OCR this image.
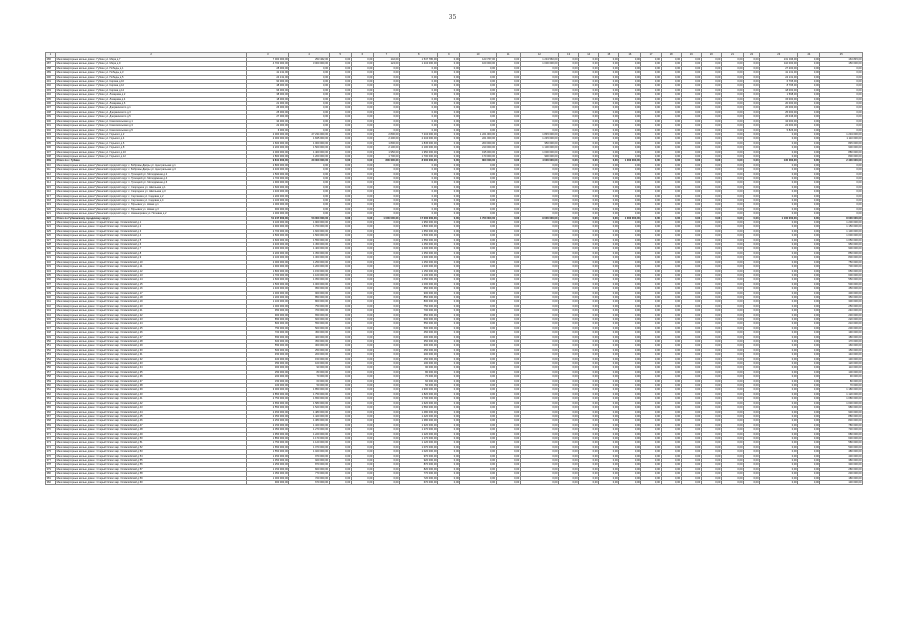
35
1	2	3	4	5	6	7	8	9	10	11	12	13	14	15	16	17	18	19	20	21	22	23	24	25
286	Многоквартирные жилые дома г. Губкин ул. Мира д.7	7 000 000,00	253 462,00	0,00	0,00	142,00	1 547 780,00	0,00	123 767,00	0,00	1 234 560,00	0,00	0,00	0,00	0,00	0,00	0,00	0,00	0,00	0,00	0,00	131 046,00	0,00	163 845,00
287	Многоквартирные жилые дома г. Губкин ул. Мира д.9	4 700 000,00	3 000 000,00	0,00	0,00	124,00	1 234 000,00	0,00	100 000,00	0,00	1 000 000,00	0,00	0,00	0,00	0,00	0,00	0,00	0,00	0,00	0,00	0,00	110 000,00	0,00	150 000,00
288	Многоквартирные жилые дома г. Губкин ул. Победы д.1	28 000,00	0,00	0,00	0,00	0,00	0,00	0,00	0,00	0,00	0,00	0,00	0,00	0,00	0,00	0,00	0,00	0,00	0,00	0,00	0,00	27 200,00	0,00	0,00
289	Многоквартирные жилые дома г. Губкин ул. Победы д.3	41 131,00	0,00	0,00	0,00	0,00	0,00	0,00	0,00	0,00	0,00	0,00	0,00	0,00	0,00	0,00	0,00	0,00	0,00	0,00	0,00	41 131,00	0,00	0,00
290	Многоквартирные жилые дома г. Губкин ул. Победы д.5	24 131,00	0,00	0,00	0,00	0,00	0,00	0,00	0,00	0,00	0,00	0,00	0,00	0,00	0,00	0,00	0,00	0,00	0,00	0,00	0,00	24 131,00	0,00	0,00
291	Многоквартирные жилые дома г. Губкин ул. Кирова д.10	90 000,00	0,00	0,00	0,00	0,00	0,00	0,00	0,00	0,00	0,00	0,00	0,00	0,00	0,00	0,00	0,00	0,00	0,00	0,00	0,00	6 795,00	0,00	0,00
292	Многоквартирные жилые дома г. Губкин ул. Кирова д.12	48 000,00	0,00	0,00	0,00	0,00	0,00	0,00	0,00	0,00	0,00	0,00	0,00	0,00	0,00	0,00	0,00	0,00	0,00	0,00	0,00	8 795,00	0,00	0,00
293	Многоквартирные жилые дома г. Губкин ул. Кирова д.14	96 000,00	0,00	0,00	0,00	0,00	0,00	0,00	0,00	0,00	0,00	0,00	0,00	0,00	0,00	0,00	0,00	0,00	0,00	0,00	0,00	18 000,00	0,00	0,00
294	Многоквартирные жилые дома г. Губкин ул. Лазарева д.2	38 000,00	0,00	0,00	0,00	0,00	0,00	0,00	0,00	0,00	0,00	0,00	0,00	0,00	0,00	0,00	0,00	0,00	0,00	0,00	0,00	1 598,00	0,00	0,00
295	Многоквартирные жилые дома г. Губкин ул. Лазарева д.4	18 000,00	0,00	0,00	0,00	0,00	0,00	0,00	0,00	0,00	0,00	0,00	0,00	0,00	0,00	0,00	0,00	0,00	0,00	0,00	0,00	15 000,00	0,00	0,00
296	Многоквартирные жилые дома г. Губкин ул. Лазарева д.6	21 000,00	0,00	0,00	0,00	0,00	0,00	0,00	0,00	0,00	0,00	0,00	0,00	0,00	0,00	0,00	0,00	0,00	0,00	0,00	0,00	20 000,00	0,00	0,00
297	Многоквартирные жилые дома г. Губкин ул. Дзержинского д.1	26 000,00	0,00	0,00	0,00	0,00	0,00	0,00	0,00	0,00	0,00	0,00	0,00	0,00	0,00	0,00	0,00	0,00	0,00	0,00	0,00	26 000,00	0,00	0,00
298	Многоквартирные жилые дома г. Губкин ул. Дзержинского д.3	25 000,00	0,00	0,00	0,00	0,00	0,00	0,00	0,00	0,00	0,00	0,00	0,00	0,00	0,00	0,00	0,00	0,00	0,00	0,00	0,00	25 000,00	0,00	0,00
299	Многоквартирные жилые дома г. Губкин ул. Дзержинского д.5	27 000,00	0,00	0,00	0,00	0,00	0,00	0,00	0,00	0,00	0,00	0,00	0,00	0,00	0,00	0,00	0,00	0,00	0,00	0,00	0,00	26 046,00	0,00	0,00
300	Многоквартирные жилые дома г. Губкин ул. Комсомольская д.1	34 000,00	0,00	0,00	0,00	0,00	0,00	0,00	0,00	0,00	0,00	0,00	0,00	0,00	0,00	0,00	0,00	0,00	0,00	0,00	0,00	34 000,00	0,00	0,00
301	Многоквартирные жилые дома г. Губкин ул. Комсомольская д.3	22 000,00	0,00	0,00	0,00	0,00	0,00	0,00	0,00	0,00	0,00	0,00	0,00	0,00	0,00	0,00	0,00	0,00	0,00	0,00	0,00	22 000,00	0,00	0,00
302	Многоквартирные жилые дома г. Губкин ул. Комсомольская д.5	6 000,00	0,00	0,00	0,00	0,00	0,00	0,00	0,00	0,00	0,00	0,00	0,00	0,00	0,00	0,00	0,00	0,00	0,00	0,00	0,00	5 826,00	0,00	0,00
303	Многоквартирные жилые дома г. Губкин ул. Горького д.2	2 000 000,00	27 234 000,00	0,00	0,00	2 800,00	7 234 000,00	0,00	1 221 000,00	0,00	1 845 000,00	0,00	0,00	0,00	0,00	0,00	0,00	0,00	0,00	0,00	0,00	0,00	0,00	1 234 000,00
304	Многоквартирные жилые дома г. Губкин ул. Горького д.4	2 000 000,00	1 845 000,00	0,00	0,00	2 400,00	2 234 000,00	0,00	221 000,00	0,00	1 245 000,00	0,00	0,00	0,00	0,00	0,00	0,00	0,00	0,00	0,00	0,00	0,00	0,00	1 110 000,00
305	Многоквартирные жилые дома г. Губкин ул. Горького д.6	1 600 000,00	1 000 000,00	0,00	0,00	1 800,00	1 845 000,00	0,00	200 000,00	0,00	950 000,00	0,00	0,00	0,00	0,00	0,00	0,00	0,00	0,00	0,00	0,00	0,00	0,00	845 000,00
306	Многоквартирные жилые дома г. Губкин ул. Горького д.8	2 200 000,00	1 500 000,00	0,00	0,00	2 100,00	2 100 000,00	0,00	210 000,00	0,00	1 100 000,00	0,00	0,00	0,00	0,00	0,00	0,00	0,00	0,00	0,00	0,00	0,00	0,00	900 000,00
307	Многоквартирные жилые дома г. Губкин ул. Горького д.10	2 000 000,00	1 400 000,00	0,00	0,00	1 950,00	1 950 000,00	0,00	195 000,00	0,00	1 000 000,00	0,00	0,00	0,00	0,00	0,00	0,00	0,00	0,00	0,00	0,00	0,00	0,00	880 000,00
308	Многоквартирные жилые дома г. Губкин ул. Горького д.12	1 800 000,00	1 200 000,00	0,00	0,00	1 700,00	1 700 000,00	0,00	170 000,00	0,00	900 000,00	0,00	0,00	0,00	0,00	0,00	0,00	0,00	0,00	0,00	0,00	0,00	0,00	800 000,00
309	Итого по г. Губкин	9 841 000,00	20 000 000,00	0,00	0,00	800 000,00	8 000 000,00	0,00	800 000,00	0,00	4 000 000,00	0,00	0,00	0,00	1 000 000,00	0,00	0,00	0,00	0,00	0,00	0,00	130 000,00	0,00	2 400 000,00
310	Многоквартирные жилые дома Губкинский городской округ с. Бобровы Дворы ул. Центральная д.1	2 800 000,00	0,00	0,00	0,00	0,00	0,00	0,00	0,00	0,00	0,00	0,00	0,00	0,00	0,00	0,00	0,00	0,00	0,00	0,00	0,00	0,00	0,00	0,00
311	Многоквартирные жилые дома Губкинский городской округ с. Бобровы Дворы ул. Центральная д.3	2 400 000,00	0,00	0,00	0,00	0,00	0,00	0,00	0,00	0,00	0,00	0,00	0,00	0,00	0,00	0,00	0,00	0,00	0,00	0,00	0,00	0,00	0,00	0,00
312	Многоквартирные жилые дома Губкинский городской округ п. Троицкий ул. Молодёжная д.2	1 500 000,00	0,00	0,00	0,00	0,00	0,00	0,00	0,00	0,00	0,00	0,00	0,00	0,00	0,00	0,00	0,00	0,00	0,00	0,00	0,00	0,00	0,00	0,00
313	Многоквартирные жилые дома Губкинский городской округ п. Троицкий ул. Молодёжная д.4	1 700 000,00	0,00	0,00	0,00	0,00	0,00	0,00	0,00	0,00	0,00	0,00	0,00	0,00	0,00	0,00	0,00	0,00	0,00	0,00	0,00	0,00	0,00	0,00
314	Многоквартирные жилые дома Губкинский городской округ п. Троицкий ул. Молодёжная д.6	1 900 000,00	0,00	0,00	0,00	0,00	0,00	0,00	0,00	0,00	0,00	0,00	0,00	0,00	0,00	0,00	0,00	0,00	0,00	0,00	0,00	0,00	0,00	0,00
315	Многоквартирные жилые дома Губкинский городской округ с. Скородное ул. Школьная д.1	1 600 000,00	0,00	0,00	0,00	0,00	0,00	0,00	0,00	0,00	0,00	0,00	0,00	0,00	0,00	0,00	0,00	0,00	0,00	0,00	0,00	0,00	0,00	0,00
316	Многоквартирные жилые дома Губкинский городской округ с. Скородное ул. Школьная д.3	1 400 000,00	0,00	0,00	0,00	0,00	0,00	0,00	0,00	0,00	0,00	0,00	0,00	0,00	0,00	0,00	0,00	0,00	0,00	0,00	0,00	0,00	0,00	0,00
317	Многоквартирные жилые дома Губкинский городской округ с. Сергиевка ул. Садовая д.2	1 200 000,00	0,00	0,00	0,00	0,00	0,00	0,00	0,00	0,00	0,00	0,00	0,00	0,00	0,00	0,00	0,00	0,00	0,00	0,00	0,00	0,00	0,00	0,00
318	Многоквартирные жилые дома Губкинский городской округ с. Сергиевка ул. Садовая д.4	1 100 000,00	0,00	0,00	0,00	0,00	0,00	0,00	0,00	0,00	0,00	0,00	0,00	0,00	0,00	0,00	0,00	0,00	0,00	0,00	0,00	0,00	0,00	0,00
319	Многоквартирные жилые дома Губкинский городской округ с. Юрьевка ул. Новая д.1	1 000 000,00	0,00	0,00	0,00	0,00	0,00	0,00	0,00	0,00	0,00	0,00	0,00	0,00	0,00	0,00	0,00	0,00	0,00	0,00	0,00	0,00	0,00	0,00
320	Многоквартирные жилые дома Губкинский городской округ с. Юрьевка ул. Новая д.3	900 000,00	0,00	0,00	0,00	0,00	0,00	0,00	0,00	0,00	0,00	0,00	0,00	0,00	0,00	0,00	0,00	0,00	0,00	0,00	0,00	0,00	0,00	0,00
321	Многоквартирные жилые дома Губкинский городской округ с. Никаноровка ул. Полевая д.2	1 300 000,00	0,00	0,00	0,00	0,00	0,00	0,00	0,00	0,00	0,00	0,00	0,00	0,00	0,00	0,00	0,00	0,00	0,00	0,00	0,00	0,00	0,00	0,00
322	Итого по Губкинскому городскому округу	51 247 000,00	53 000 000,00	0,00	0,00	1 000 000,00	17 000 000,00	0,00	1 700 000,00	0,00	9 000 000,00	0,00	0,00	0,00	1 000 000,00	0,00	0,00	0,00	0,00	0,00	0,00	1 100 000,00	0,00	8 000 000,00
323	Многоквартирные жилые дома г. Старый Оскол мкр. Олимпийский д.1	3 100 000,00	1 900 000,00	0,00	0,00	0,00	1 950 000,00	0,00	0,00	0,00	0,00	0,00	0,00	0,00	0,00	0,00	0,00	0,00	0,00	0,00	0,00	0,00	0,00	1 200 000,00
324	Многоквартирные жилые дома г. Старый Оскол мкр. Олимпийский д.2	2 900 000,00	1 700 000,00	0,00	0,00	0,00	1 800 000,00	0,00	0,00	0,00	0,00	0,00	0,00	0,00	0,00	0,00	0,00	0,00	0,00	0,00	0,00	0,00	0,00	1 150 000,00
325	Многоквартирные жилые дома г. Старый Оскол мкр. Олимпийский д.3	2 700 000,00	1 600 000,00	0,00	0,00	0,00	1 650 000,00	0,00	0,00	0,00	0,00	0,00	0,00	0,00	0,00	0,00	0,00	0,00	0,00	0,00	0,00	0,00	0,00	1 100 000,00
326	Многоквартирные жилые дома г. Старый Оскол мкр. Олимпийский д.4	2 500 000,00	1 500 000,00	0,00	0,00	0,00	1 500 000,00	0,00	0,00	0,00	0,00	0,00	0,00	0,00	0,00	0,00	0,00	0,00	0,00	0,00	0,00	0,00	0,00	1 000 000,00
327	Многоквартирные жилые дома г. Старый Оскол мкр. Олимпийский д.5	2 600 000,00	1 550 000,00	0,00	0,00	0,00	1 550 000,00	0,00	0,00	0,00	0,00	0,00	0,00	0,00	0,00	0,00	0,00	0,00	0,00	0,00	0,00	0,00	0,00	1 050 000,00
328	Многоквартирные жилые дома г. Старый Оскол мкр. Олимпийский д.6	2 400 000,00	1 450 000,00	0,00	0,00	0,00	1 450 000,00	0,00	0,00	0,00	0,00	0,00	0,00	0,00	0,00	0,00	0,00	0,00	0,00	0,00	0,00	0,00	0,00	950 000,00
329	Многоквартирные жилые дома г. Старый Оскол мкр. Олимпийский д.7	2 300 000,00	1 400 000,00	0,00	0,00	0,00	1 400 000,00	0,00	0,00	0,00	0,00	0,00	0,00	0,00	0,00	0,00	0,00	0,00	0,00	0,00	0,00	0,00	0,00	900 000,00
330	Многоквартирные жилые дома г. Старый Оскол мкр. Олимпийский д.8	2 200 000,00	1 350 000,00	0,00	0,00	0,00	1 350 000,00	0,00	0,00	0,00	0,00	0,00	0,00	0,00	0,00	0,00	0,00	0,00	0,00	0,00	0,00	0,00	0,00	850 000,00
331	Многоквартирные жилые дома г. Старый Оскол мкр. Олимпийский д.9	2 100 000,00	1 300 000,00	0,00	0,00	0,00	1 300 000,00	0,00	0,00	0,00	0,00	0,00	0,00	0,00	0,00	0,00	0,00	0,00	0,00	0,00	0,00	0,00	0,00	800 000,00
332	Многоквартирные жилые дома г. Старый Оскол мкр. Олимпийский д.10	2 000 000,00	1 250 000,00	0,00	0,00	0,00	1 250 000,00	0,00	0,00	0,00	0,00	0,00	0,00	0,00	0,00	0,00	0,00	0,00	0,00	0,00	0,00	0,00	0,00	750 000,00
333	Многоквартирные жилые дома г. Старый Оскол мкр. Олимпийский д.11	1 900 000,00	1 200 000,00	0,00	0,00	0,00	1 200 000,00	0,00	0,00	0,00	0,00	0,00	0,00	0,00	0,00	0,00	0,00	0,00	0,00	0,00	0,00	0,00	0,00	700 000,00
334	Многоквартирные жилые дома г. Старый Оскол мкр. Олимпийский д.12	1 800 000,00	1 150 000,00	0,00	0,00	0,00	1 150 000,00	0,00	0,00	0,00	0,00	0,00	0,00	0,00	0,00	0,00	0,00	0,00	0,00	0,00	0,00	0,00	0,00	650 000,00
335	Многоквартирные жилые дома г. Старый Оскол мкр. Олимпийский д.13	1 700 000,00	1 100 000,00	0,00	0,00	0,00	1 100 000,00	0,00	0,00	0,00	0,00	0,00	0,00	0,00	0,00	0,00	0,00	0,00	0,00	0,00	0,00	0,00	0,00	600 000,00
336	Многоквартирные жилые дома г. Старый Оскол мкр. Олимпийский д.14	1 600 000,00	1 050 000,00	0,00	0,00	0,00	1 050 000,00	0,00	0,00	0,00	0,00	0,00	0,00	0,00	0,00	0,00	0,00	0,00	0,00	0,00	0,00	0,00	0,00	550 000,00
337	Многоквартирные жилые дома г. Старый Оскол мкр. Олимпийский д.15	1 500 000,00	1 000 000,00	0,00	0,00	0,00	1 000 000,00	0,00	0,00	0,00	0,00	0,00	0,00	0,00	0,00	0,00	0,00	0,00	0,00	0,00	0,00	0,00	0,00	500 000,00
338	Многоквартирные жилые дома г. Старый Оскол мкр. Олимпийский д.16	1 400 000,00	950 000,00	0,00	0,00	0,00	950 000,00	0,00	0,00	0,00	0,00	0,00	0,00	0,00	0,00	0,00	0,00	0,00	0,00	0,00	0,00	0,00	0,00	450 000,00
339	Многоквартирные жилые дома г. Старый Оскол мкр. Олимпийский д.17	1 300 000,00	900 000,00	0,00	0,00	0,00	900 000,00	0,00	0,00	0,00	0,00	0,00	0,00	0,00	0,00	0,00	0,00	0,00	0,00	0,00	0,00	0,00	0,00	400 000,00
340	Многоквартирные жилые дома г. Старый Оскол мкр. Олимпийский д.18	1 200 000,00	850 000,00	0,00	0,00	0,00	850 000,00	0,00	0,00	0,00	0,00	0,00	0,00	0,00	0,00	0,00	0,00	0,00	0,00	0,00	0,00	0,00	0,00	350 000,00
341	Многоквартирные жилые дома г. Старый Оскол мкр. Олимпийский д.19	1 100 000,00	800 000,00	0,00	0,00	0,00	800 000,00	0,00	0,00	0,00	0,00	0,00	0,00	0,00	0,00	0,00	0,00	0,00	0,00	0,00	0,00	0,00	0,00	300 000,00
342	Многоквартирные жилые дома г. Старый Оскол мкр. Олимпийский д.20	1 000 000,00	750 000,00	0,00	0,00	0,00	750 000,00	0,00	0,00	0,00	0,00	0,00	0,00	0,00	0,00	0,00	0,00	0,00	0,00	0,00	0,00	0,00	0,00	250 000,00
343	Многоквартирные жилые дома г. Старый Оскол мкр. Олимпийский д.21	950 000,00	700 000,00	0,00	0,00	0,00	700 000,00	0,00	0,00	0,00	0,00	0,00	0,00	0,00	0,00	0,00	0,00	0,00	0,00	0,00	0,00	0,00	0,00	240 000,00
344	Многоквартирные жилые дома г. Старый Оскол мкр. Олимпийский д.22	900 000,00	650 000,00	0,00	0,00	0,00	650 000,00	0,00	0,00	0,00	0,00	0,00	0,00	0,00	0,00	0,00	0,00	0,00	0,00	0,00	0,00	0,00	0,00	230 000,00
345	Многоквартирные жилые дома г. Старый Оскол мкр. Олимпийский д.23	850 000,00	600 000,00	0,00	0,00	0,00	600 000,00	0,00	0,00	0,00	0,00	0,00	0,00	0,00	0,00	0,00	0,00	0,00	0,00	0,00	0,00	0,00	0,00	220 000,00
346	Многоквартирные жилые дома г. Старый Оскол мкр. Олимпийский д.24	800 000,00	550 000,00	0,00	0,00	0,00	550 000,00	0,00	0,00	0,00	0,00	0,00	0,00	0,00	0,00	0,00	0,00	0,00	0,00	0,00	0,00	0,00	0,00	210 000,00
347	Многоквартирные жилые дома г. Старый Оскол мкр. Олимпийский д.25	750 000,00	500 000,00	0,00	0,00	0,00	500 000,00	0,00	0,00	0,00	0,00	0,00	0,00	0,00	0,00	0,00	0,00	0,00	0,00	0,00	0,00	0,00	0,00	200 000,00
348	Многоквартирные жилые дома г. Старый Оскол мкр. Олимпийский д.26	700 000,00	450 000,00	0,00	0,00	0,00	450 000,00	0,00	0,00	0,00	0,00	0,00	0,00	0,00	0,00	0,00	0,00	0,00	0,00	0,00	0,00	0,00	0,00	190 000,00
349	Многоквартирные жилые дома г. Старый Оскол мкр. Олимпийский д.27	650 000,00	400 000,00	0,00	0,00	0,00	400 000,00	0,00	0,00	0,00	0,00	0,00	0,00	0,00	0,00	0,00	0,00	0,00	0,00	0,00	0,00	0,00	0,00	180 000,00
350	Многоквартирные жилые дома г. Старый Оскол мкр. Олимпийский д.28	600 000,00	350 000,00	0,00	0,00	0,00	350 000,00	0,00	0,00	0,00	0,00	0,00	0,00	0,00	0,00	0,00	0,00	0,00	0,00	0,00	0,00	0,00	0,00	170 000,00
351	Многоквартирные жилые дома г. Старый Оскол мкр. Олимпийский д.29	550 000,00	300 000,00	0,00	0,00	0,00	300 000,00	0,00	0,00	0,00	0,00	0,00	0,00	0,00	0,00	0,00	0,00	0,00	0,00	0,00	0,00	0,00	0,00	160 000,00
352	Многоквартирные жилые дома г. Старый Оскол мкр. Олимпийский д.30	500 000,00	250 000,00	0,00	0,00	0,00	250 000,00	0,00	0,00	0,00	0,00	0,00	0,00	0,00	0,00	0,00	0,00	0,00	0,00	0,00	0,00	0,00	0,00	150 000,00
353	Многоквартирные жилые дома г. Старый Оскол мкр. Олимпийский д.31	450 000,00	200 000,00	0,00	0,00	0,00	200 000,00	0,00	0,00	0,00	0,00	0,00	0,00	0,00	0,00	0,00	0,00	0,00	0,00	0,00	0,00	0,00	0,00	140 000,00
354	Многоквартирные жилые дома г. Старый Оскол мкр. Олимпийский д.32	400 000,00	150 000,00	0,00	0,00	0,00	150 000,00	0,00	0,00	0,00	0,00	0,00	0,00	0,00	0,00	0,00	0,00	0,00	0,00	0,00	0,00	0,00	0,00	130 000,00
355	Многоквартирные жилые дома г. Старый Оскол мкр. Олимпийский д.33	350 000,00	100 000,00	0,00	0,00	0,00	100 000,00	0,00	0,00	0,00	0,00	0,00	0,00	0,00	0,00	0,00	0,00	0,00	0,00	0,00	0,00	0,00	0,00	120 000,00
356	Многоквартирные жилые дома г. Старый Оскол мкр. Олимпийский д.34	300 000,00	90 000,00	0,00	0,00	0,00	90 000,00	0,00	0,00	0,00	0,00	0,00	0,00	0,00	0,00	0,00	0,00	0,00	0,00	0,00	0,00	0,00	0,00	110 000,00
357	Многоквартирные жилые дома г. Старый Оскол мкр. Олимпийский д.35	250 000,00	80 000,00	0,00	0,00	0,00	80 000,00	0,00	0,00	0,00	0,00	0,00	0,00	0,00	0,00	0,00	0,00	0,00	0,00	0,00	0,00	0,00	0,00	100 000,00
358	Многоквартирные жилые дома г. Старый Оскол мкр. Олимпийский д.36	200 000,00	70 000,00	0,00	0,00	0,00	70 000,00	0,00	0,00	0,00	0,00	0,00	0,00	0,00	0,00	0,00	0,00	0,00	0,00	0,00	0,00	0,00	0,00	90 000,00
359	Многоквартирные жилые дома г. Старый Оскол мкр. Олимпийский д.37	150 000,00	60 000,00	0,00	0,00	0,00	60 000,00	0,00	0,00	0,00	0,00	0,00	0,00	0,00	0,00	0,00	0,00	0,00	0,00	0,00	0,00	0,00	0,00	80 000,00
360	Многоквартирные жилые дома г. Старый Оскол мкр. Олимпийский д.38	100 000,00	50 000,00	0,00	0,00	0,00	50 000,00	0,00	0,00	0,00	0,00	0,00	0,00	0,00	0,00	0,00	0,00	0,00	0,00	0,00	0,00	0,00	0,00	70 000,00
361	Многоквартирные жилые дома г. Старый Оскол мкр. Олимпийский д.39	3 000 000,00	1 850 000,00	0,00	0,00	0,00	1 900 000,00	0,00	0,00	0,00	0,00	0,00	0,00	0,00	0,00	0,00	0,00	0,00	0,00	0,00	0,00	0,00	0,00	1 180 000,00
362	Многоквартирные жилые дома г. Старый Оскол мкр. Олимпийский д.40	2 850 000,00	1 750 000,00	0,00	0,00	0,00	1 820 000,00	0,00	0,00	0,00	0,00	0,00	0,00	0,00	0,00	0,00	0,00	0,00	0,00	0,00	0,00	0,00	0,00	1 120 000,00
363	Многоквартирные жилые дома г. Старый Оскол мкр. Олимпийский д.41	2 750 000,00	1 650 000,00	0,00	0,00	0,00	1 700 000,00	0,00	0,00	0,00	0,00	0,00	0,00	0,00	0,00	0,00	0,00	0,00	0,00	0,00	0,00	0,00	0,00	1 080 000,00
364	Многоквартирные жилые дома г. Старый Оскол мкр. Олимпийский д.42	2 650 000,00	1 580 000,00	0,00	0,00	0,00	1 620 000,00	0,00	0,00	0,00	0,00	0,00	0,00	0,00	0,00	0,00	0,00	0,00	0,00	0,00	0,00	0,00	0,00	1 030 000,00
365	Многоквартирные жилые дома г. Старый Оскол мкр. Олимпийский д.43	2 550 000,00	1 520 000,00	0,00	0,00	0,00	1 560 000,00	0,00	0,00	0,00	0,00	0,00	0,00	0,00	0,00	0,00	0,00	0,00	0,00	0,00	0,00	0,00	0,00	980 000,00
366	Многоквартирные жилые дома г. Старый Оскол мкр. Олимпийский д.44	2 450 000,00	1 480 000,00	0,00	0,00	0,00	1 480 000,00	0,00	0,00	0,00	0,00	0,00	0,00	0,00	0,00	0,00	0,00	0,00	0,00	0,00	0,00	0,00	0,00	930 000,00
367	Многоквартирные жилые дома г. Старый Оскол мкр. Олимпийский д.45	2 350 000,00	1 420 000,00	0,00	0,00	0,00	1 420 000,00	0,00	0,00	0,00	0,00	0,00	0,00	0,00	0,00	0,00	0,00	0,00	0,00	0,00	0,00	0,00	0,00	880 000,00
368	Многоквартирные жилые дома г. Старый Оскол мкр. Олимпийский д.46	2 250 000,00	1 380 000,00	0,00	0,00	0,00	1 380 000,00	0,00	0,00	0,00	0,00	0,00	0,00	0,00	0,00	0,00	0,00	0,00	0,00	0,00	0,00	0,00	0,00	830 000,00
369	Многоквартирные жилые дома г. Старый Оскол мкр. Олимпийский д.47	2 150 000,00	1 320 000,00	0,00	0,00	0,00	1 320 000,00	0,00	0,00	0,00	0,00	0,00	0,00	0,00	0,00	0,00	0,00	0,00	0,00	0,00	0,00	0,00	0,00	780 000,00
370	Многоквартирные жилые дома г. Старый Оскол мкр. Олимпийский д.48	2 050 000,00	1 270 000,00	0,00	0,00	0,00	1 270 000,00	0,00	0,00	0,00	0,00	0,00	0,00	0,00	0,00	0,00	0,00	0,00	0,00	0,00	0,00	0,00	0,00	730 000,00
371	Многоквартирные жилые дома г. Старый Оскол мкр. Олимпийский д.49	1 950 000,00	1 220 000,00	0,00	0,00	0,00	1 220 000,00	0,00	0,00	0,00	0,00	0,00	0,00	0,00	0,00	0,00	0,00	0,00	0,00	0,00	0,00	0,00	0,00	680 000,00
372	Многоквартирные жилые дома г. Старый Оскол мкр. Олимпийский д.50	1 850 000,00	1 170 000,00	0,00	0,00	0,00	1 170 000,00	0,00	0,00	0,00	0,00	0,00	0,00	0,00	0,00	0,00	0,00	0,00	0,00	0,00	0,00	0,00	0,00	630 000,00
373	Многоквартирные жилые дома г. Старый Оскол мкр. Олимпийский д.51	1 750 000,00	1 120 000,00	0,00	0,00	0,00	1 120 000,00	0,00	0,00	0,00	0,00	0,00	0,00	0,00	0,00	0,00	0,00	0,00	0,00	0,00	0,00	0,00	0,00	580 000,00
374	Многоквартирные жилые дома г. Старый Оскол мкр. Олимпийский д.52	1 650 000,00	1 070 000,00	0,00	0,00	0,00	1 070 000,00	0,00	0,00	0,00	0,00	0,00	0,00	0,00	0,00	0,00	0,00	0,00	0,00	0,00	0,00	0,00	0,00	530 000,00
375	Многоквартирные жилые дома г. Старый Оскол мкр. Олимпийский д.53	1 550 000,00	1 020 000,00	0,00	0,00	0,00	1 020 000,00	0,00	0,00	0,00	0,00	0,00	0,00	0,00	0,00	0,00	0,00	0,00	0,00	0,00	0,00	0,00	0,00	480 000,00
376	Многоквартирные жилые дома г. Старый Оскол мкр. Олимпийский д.54	1 450 000,00	970 000,00	0,00	0,00	0,00	970 000,00	0,00	0,00	0,00	0,00	0,00	0,00	0,00	0,00	0,00	0,00	0,00	0,00	0,00	0,00	0,00	0,00	430 000,00
377	Многоквартирные жилые дома г. Старый Оскол мкр. Олимпийский д.55	1 350 000,00	920 000,00	0,00	0,00	0,00	920 000,00	0,00	0,00	0,00	0,00	0,00	0,00	0,00	0,00	0,00	0,00	0,00	0,00	0,00	0,00	0,00	0,00	380 000,00
378	Многоквартирные жилые дома г. Старый Оскол мкр. Олимпийский д.56	1 250 000,00	870 000,00	0,00	0,00	0,00	870 000,00	0,00	0,00	0,00	0,00	0,00	0,00	0,00	0,00	0,00	0,00	0,00	0,00	0,00	0,00	0,00	0,00	330 000,00
379	Многоквартирные жилые дома г. Старый Оскол мкр. Олимпийский д.57	1 150 000,00	820 000,00	0,00	0,00	0,00	820 000,00	0,00	0,00	0,00	0,00	0,00	0,00	0,00	0,00	0,00	0,00	0,00	0,00	0,00	0,00	0,00	0,00	280 000,00
380	Многоквартирные жилые дома г. Старый Оскол мкр. Олимпийский д.58	1 050 000,00	770 000,00	0,00	0,00	0,00	770 000,00	0,00	0,00	0,00	0,00	0,00	0,00	0,00	0,00	0,00	0,00	0,00	0,00	0,00	0,00	0,00	0,00	230 000,00
381	Многоквартирные жилые дома г. Старый Оскол мкр. Олимпийский д.59	1 000 000,00	720 000,00	0,00	0,00	0,00	720 000,00	0,00	0,00	0,00	0,00	0,00	0,00	0,00	0,00	0,00	0,00	0,00	0,00	0,00	0,00	0,00	0,00	180 000,00
382	Многоквартирные жилые дома г. Старый Оскол мкр. Олимпийский д.60	900 000,00	670 000,00	0,00	0,00	0,00	670 000,00	0,00	0,00	0,00	0,00	0,00	0,00	0,00	0,00	0,00	0,00	0,00	0,00	0,00	0,00	0,00	0,00	130 000,00
